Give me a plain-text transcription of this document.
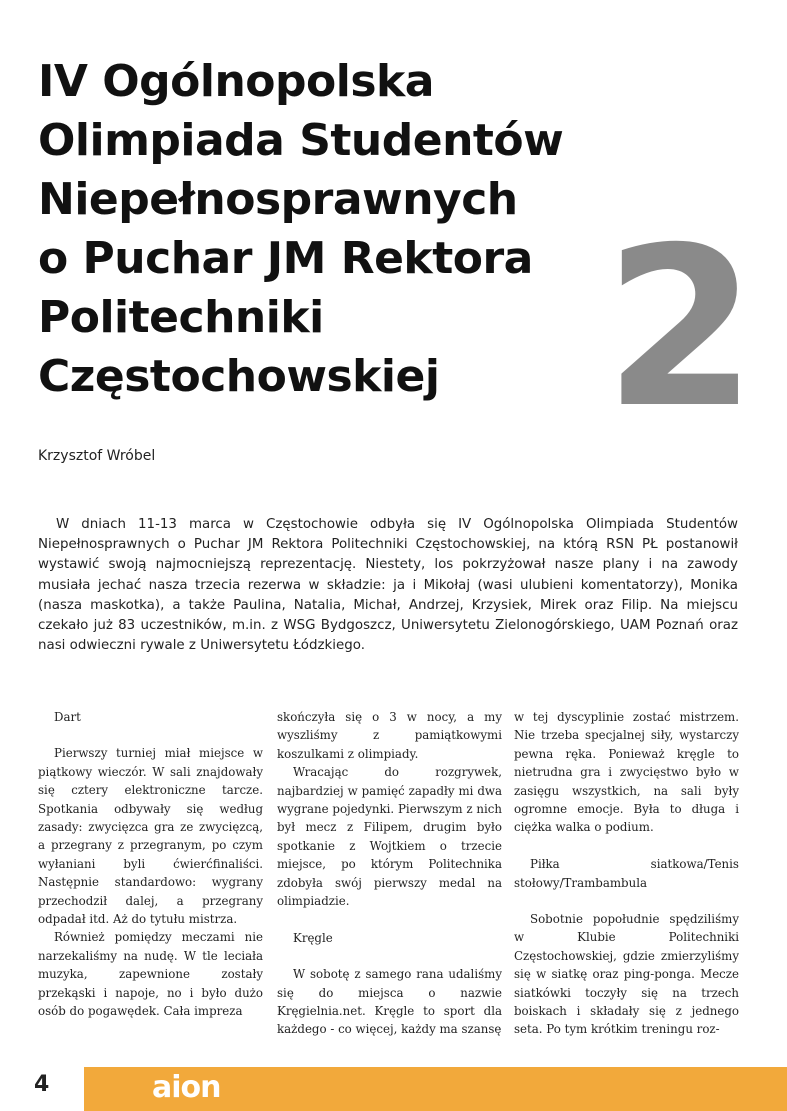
IV Ogólnopolska
Olimpiada Studentów
Niepełnosprawnych
o Puchar JM Rektora
Politechniki
Częstochowskiej 2
Krzysztof Wróbel

W dniach 11-13 marca w Częstochowie odbyła się IV Ogólnopolska Olimpiada Studentów Niepełnosprawnych o Puchar JM Rektora Politechniki Częstochowskiej, na którą RSN PŁ postanowił wystawić swoją najmocniejszą reprezentację. Niestety, los pokrzyżował nasze plany i na zawody musiała jechać nasza trzecia rezerwa w składzie: ja i Mikołaj (wasi ulubieni komentatorzy), Monika (nasza maskotka), a także Paulina, Natalia, Michał, Andrzej, Krzysiek, Mirek oraz Filip. Na miejscu czekało już 83 uczestników, m.in. z WSG Bydgoszcz, Uniwersytetu Zielonogórskiego, UAM Poznań oraz nasi odwieczni rywale z Uniwersytetu Łódzkiego.

Dart

Pierwszy turniej miał miejsce w piątkowy wieczór. W sali znajdowały się cztery elektroniczne tarcze. Spotkania odbywały się według zasady: zwycięzca gra ze zwycięzcą, a przegrany z przegranym, po czym wyłaniani byli ćwierćfinaliści. Następnie standardowo: wygrany przechodził dalej, a przegrany odpadał itd. Aż do tytułu mistrza.

Również pomiędzy meczami nie narzekaliśmy na nudę. W tle leciała muzyka, zapewnione zostały przekąski i napoje, no i było dużo osób do pogawędek. Cała impreza

skończyła się o 3 w nocy, a my wyszliśmy z pamiątkowymi koszulkami z olimpiady.

Wracając do rozgrywek, najbardziej w pamięć zapadły mi dwa wygrane pojedynki. Pierwszym z nich był mecz z Filipem, drugim było spotkanie z Wojtkiem o trzecie miejsce, po którym Politechnika zdobyła swój pierwszy medal na olimpiadzie.

Kręgle

W sobotę z samego rana udaliśmy się do miejsca o nazwie Kręgielnia.net. Kręgle to sport dla każdego - co więcej, każdy ma szansę

w tej dyscyplinie zostać mistrzem. Nie trzeba specjalnej siły, wystarczy pewna ręka. Ponieważ kręgle to nietrudna gra i zwycięstwo było w zasięgu wszystkich, na sali były ogromne emocje. Była to długa i ciężka walka o podium.

Piłka siatkowa/Tenis stołowy/Trambambula

Sobotnie popołudnie spędziliśmy w Klubie Politechniki Częstochowskiej, gdzie zmierzyliśmy się w siatkę oraz ping-ponga. Mecze siatkówki toczyły się na trzech boiskach i składały się z jednego seta. Po tym krótkim treningu roz-

4	aion
